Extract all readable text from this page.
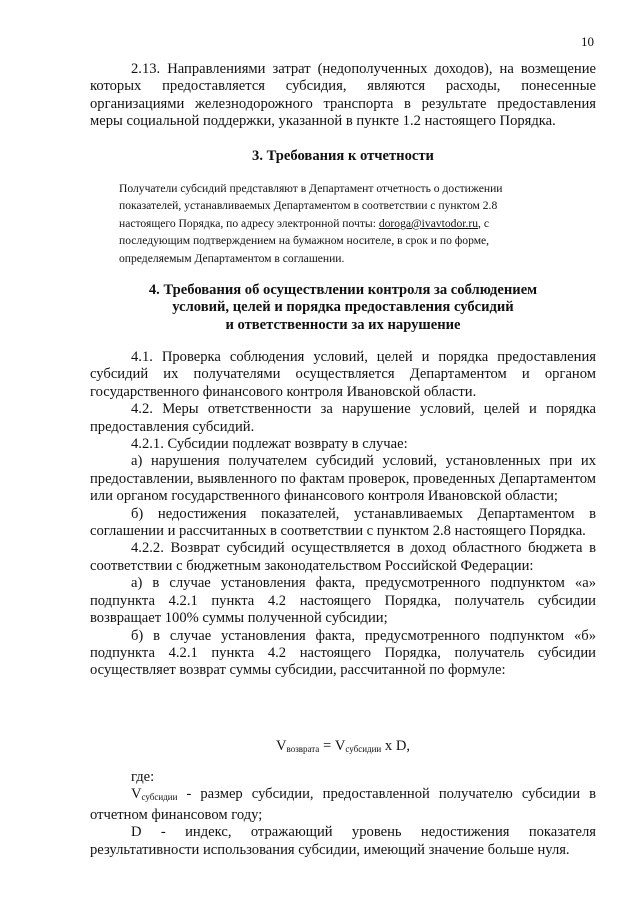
10

2.13. Направлениями затрат (недополученных доходов), на возмещение которых предоставляется субсидия, являются расходы, понесенные организациями железнодорожного транспорта в результате предоставления меры социальной поддержки, указанной в пункте 1.2 настоящего Порядка.

3. Требования к отчетности

Получатели субсидий представляют в Департамент отчетность о достижении показателей, устанавливаемых Департаментом в соответствии с пунктом 2.8 настоящего Порядка, по адресу электронной почты: doroga@ivavtodor.ru, с последующим подтверждением на бумажном носителе, в срок и по форме, определяемым Департаментом в соглашении.

4. Требования об осуществлении контроля за соблюдением
условий, целей и порядка предоставления субсидий
и ответственности за их нарушение

4.1. Проверка соблюдения условий, целей и порядка предоставления субсидий их получателями осуществляется Департаментом и органом государственного финансового контроля Ивановской области.

4.2. Меры ответственности за нарушение условий, целей и порядка предоставления субсидий.

4.2.1. Субсидии подлежат возврату в случае:

а) нарушения получателем субсидий условий, установленных при их предоставлении, выявленного по фактам проверок, проведенных Департаментом или органом государственного финансового контроля Ивановской области;

б) недостижения показателей, устанавливаемых Департаментом в соглашении и рассчитанных в соответствии с пунктом 2.8 настоящего Порядка.

4.2.2. Возврат субсидий осуществляется в доход областного бюджета в соответствии с бюджетным законодательством Российской Федерации:

а) в случае установления факта, предусмотренного подпунктом «а» подпункта 4.2.1 пункта 4.2 настоящего Порядка, получатель субсидии возвращает 100% суммы полученной субсидии;

б) в случае установления факта, предусмотренного подпунктом «б» подпункта 4.2.1 пункта 4.2 настоящего Порядка, получатель субсидии осуществляет возврат суммы субсидии, рассчитанной по формуле:

$V_{возврата} = V_{субсидии}$ x D,

где:

$V_{субсидии}$ - размер субсидии, предоставленной получателю субсидии в отчетном финансовом году;

D - индекс, отражающий уровень недостижения показателя результативности использования субсидии, имеющий значение больше нуля.
